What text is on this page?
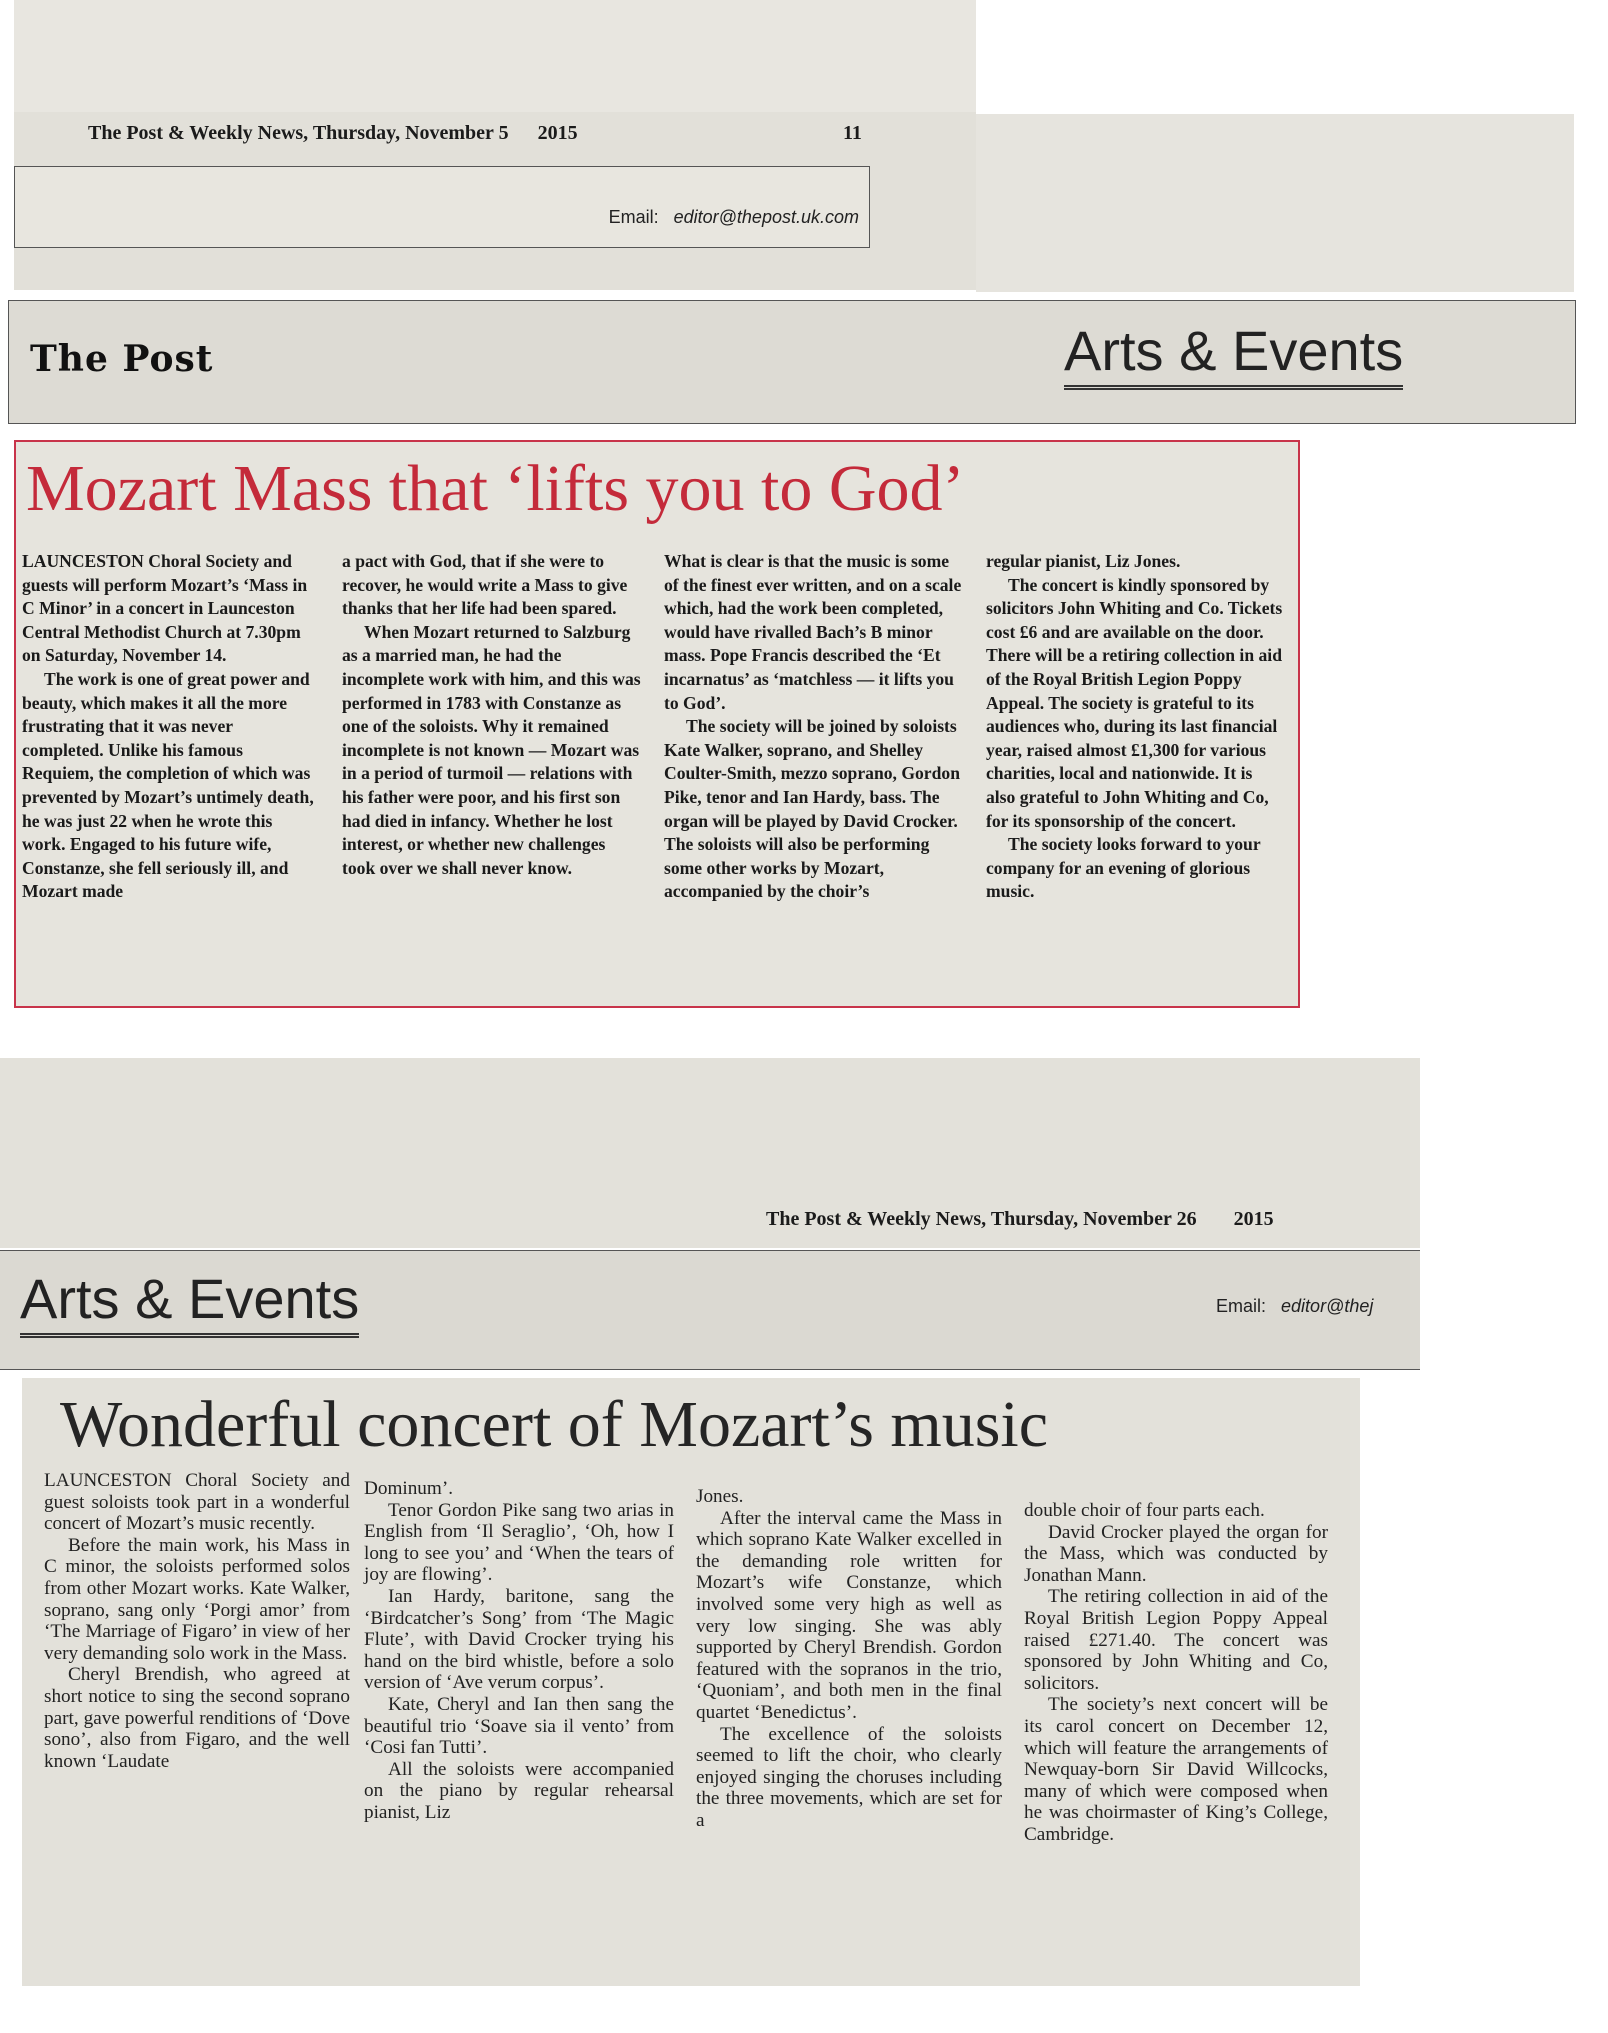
The Post & Weekly News, Thursday, November 5 2015	11
Email: editor@thepost.uk.com
The Post	Arts & Events
Mozart Mass that ‘lifts you to God’

LAUNCESTON Choral Society and guests will perform Mozart’s ‘Mass in C Minor’ in a concert in Launceston Central Methodist Church at 7.30pm on Saturday, November 14.

The work is one of great power and beauty, which makes it all the more frustrating that it was never completed. Unlike his famous Requiem, the completion of which was prevented by Mozart’s untimely death, he was just 22 when he wrote this work. Engaged to his future wife, Constanze, she fell seriously ill, and Mozart made

a pact with God, that if she were to recover, he would write a Mass to give thanks that her life had been spared.

When Mozart returned to Salzburg as a married man, he had the incomplete work with him, and this was performed in 1783 with Constanze as one of the soloists. Why it remained incomplete is not known — Mozart was in a period of turmoil — relations with his father were poor, and his first son had died in infancy. Whether he lost interest, or whether new challenges took over we shall never know.

What is clear is that the music is some of the finest ever written, and on a scale which, had the work been completed, would have rivalled Bach’s B minor mass. Pope Francis described the ‘Et incarnatus’ as ‘matchless — it lifts you to God’.

The society will be joined by soloists Kate Walker, soprano, and Shelley Coulter-Smith, mezzo soprano, Gordon Pike, tenor and Ian Hardy, bass. The organ will be played by David Crocker. The soloists will also be performing some other works by Mozart, accompanied by the choir’s

regular pianist, Liz Jones.

The concert is kindly sponsored by solicitors John Whiting and Co. Tickets cost £6 and are available on the door. There will be a retiring collection in aid of the Royal British Legion Poppy Appeal. The society is grateful to its audiences who, during its last financial year, raised almost £1,300 for various charities, local and nationwide. It is also grateful to John Whiting and Co, for its sponsorship of the concert.

The society looks forward to your company for an evening of glorious music.

The Post & Weekly News, Thursday, November 26 2015
Arts & Events	Email: editor@thej
Wonderful concert of Mozart’s music

LAUNCESTON Choral Society and guest soloists took part in a wonderful concert of Mozart’s music recently.

Before the main work, his Mass in C minor, the soloists performed solos from other Mozart works. Kate Walker, soprano, sang only ‘Porgi amor’ from ‘The Marriage of Figaro’ in view of her very demanding solo work in the Mass.

Cheryl Brendish, who agreed at short notice to sing the second soprano part, gave powerful renditions of ‘Dove sono’, also from Figaro, and the well known ‘Laudate

Dominum’.

Tenor Gordon Pike sang two arias in English from ‘Il Seraglio’, ‘Oh, how I long to see you’ and ‘When the tears of joy are flowing’.

Ian Hardy, baritone, sang the ‘Birdcatcher’s Song’ from ‘The Magic Flute’, with David Crocker trying his hand on the bird whistle, before a solo version of ‘Ave verum corpus’.

Kate, Cheryl and Ian then sang the beautiful trio ‘Soave sia il vento’ from ‘Cosi fan Tutti’.

All the soloists were accompanied on the piano by regular rehearsal pianist, Liz

Jones.

After the interval came the Mass in which soprano Kate Walker excelled in the demanding role written for Mozart’s wife Constanze, which involved some very high as well as very low singing. She was ably supported by Cheryl Brendish. Gordon featured with the sopranos in the trio, ‘Quoniam’, and both men in the final quartet ‘Benedictus’.

The excellence of the soloists seemed to lift the choir, who clearly enjoyed singing the choruses including the three movements, which are set for a

double choir of four parts each.

David Crocker played the organ for the Mass, which was conducted by Jonathan Mann.

The retiring collection in aid of the Royal British Legion Poppy Appeal raised £271.40. The concert was sponsored by John Whiting and Co, solicitors.

The society’s next concert will be its carol concert on December 12, which will feature the arrangements of Newquay-born Sir David Willcocks, many of which were composed when he was choirmaster of King’s College, Cambridge.
